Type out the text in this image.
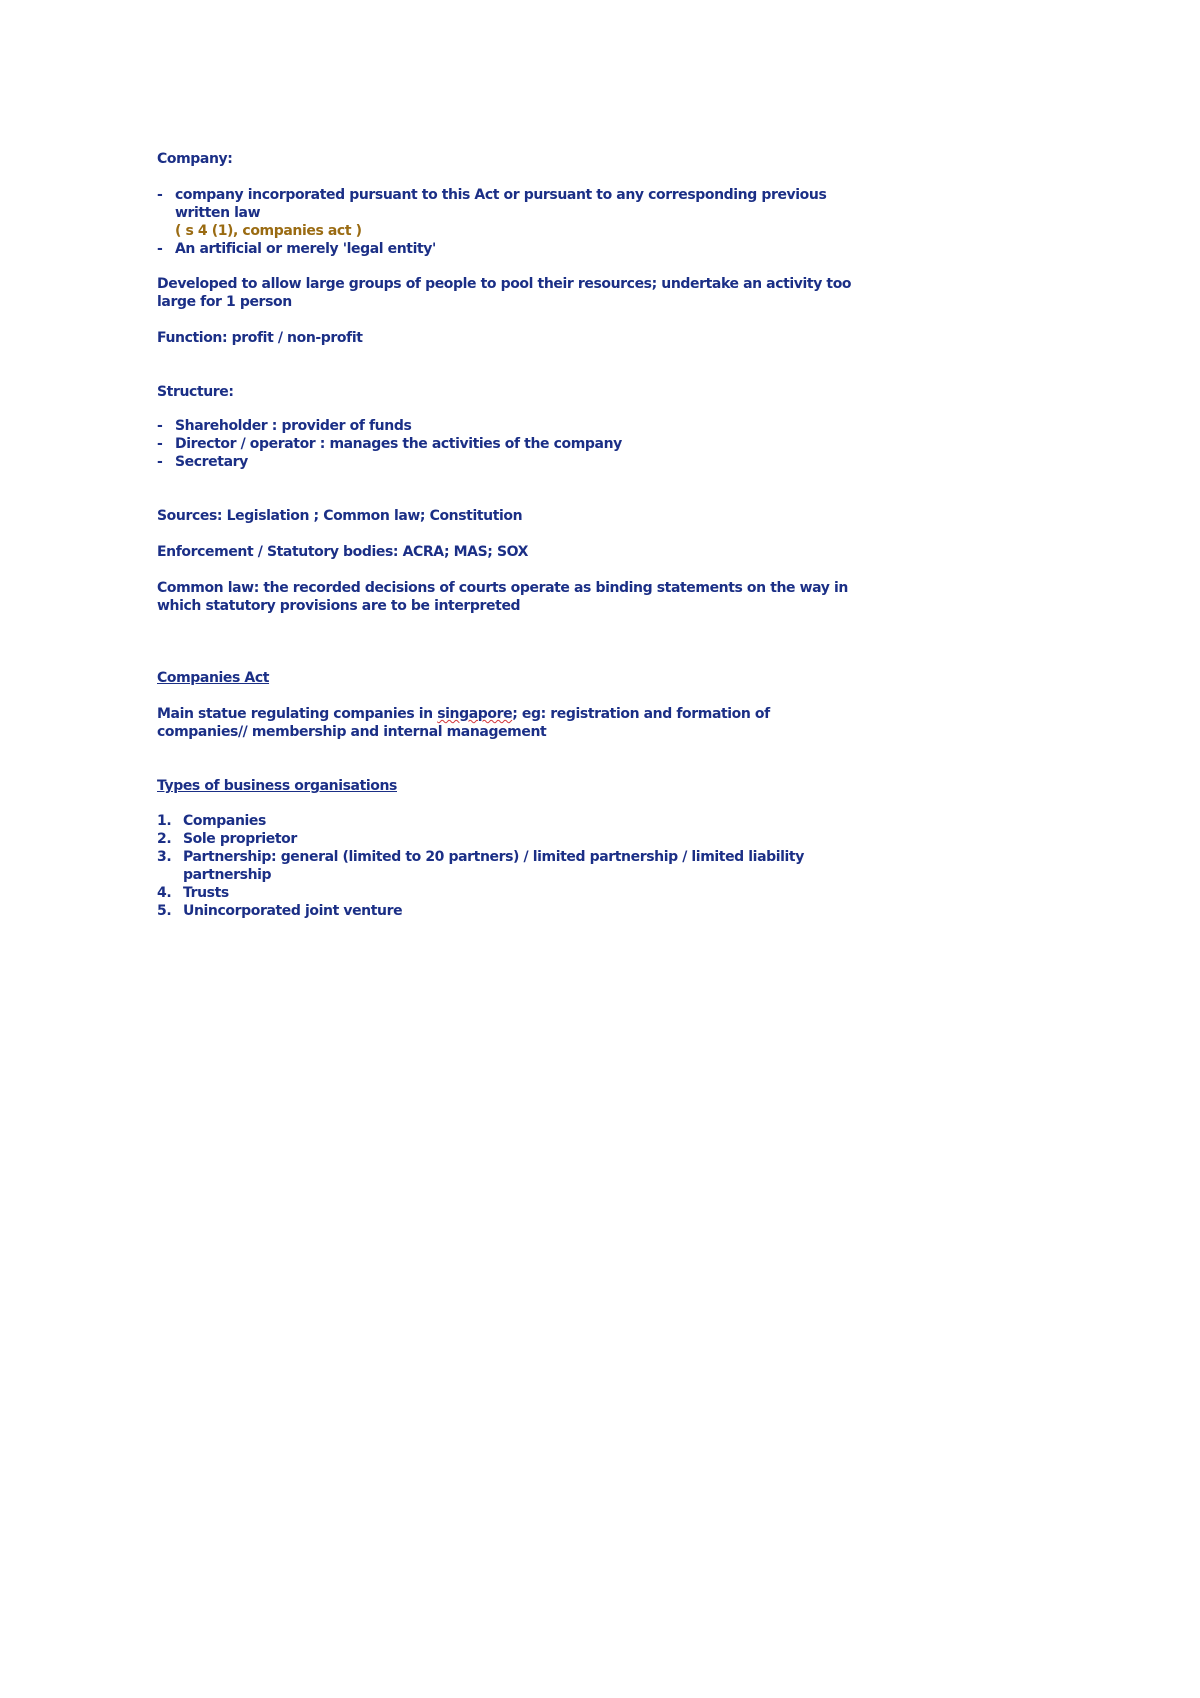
Company:

- company incorporated pursuant to this Act or pursuant to any corresponding previous written law
( s 4 (1), companies act )
- An artificial or merely 'legal entity'

Developed to allow large groups of people to pool their resources; undertake an activity too large for 1 person

Function: profit / non-profit

Structure:

- Shareholder : provider of funds
- Director / operator : manages the activities of the company
- Secretary

Sources: Legislation ; Common law; Constitution

Enforcement / Statutory bodies: ACRA; MAS; SOX

Common law: the recorded decisions of courts operate as binding statements on the way in which statutory provisions are to be interpreted

Companies Act

Main statue regulating companies in singapore; eg: registration and formation of companies// membership and internal management

Types of business organisations

1. Companies
2. Sole proprietor
3. Partnership: general (limited to 20 partners) / limited partnership / limited liability partnership
4. Trusts
5. Unincorporated joint venture
